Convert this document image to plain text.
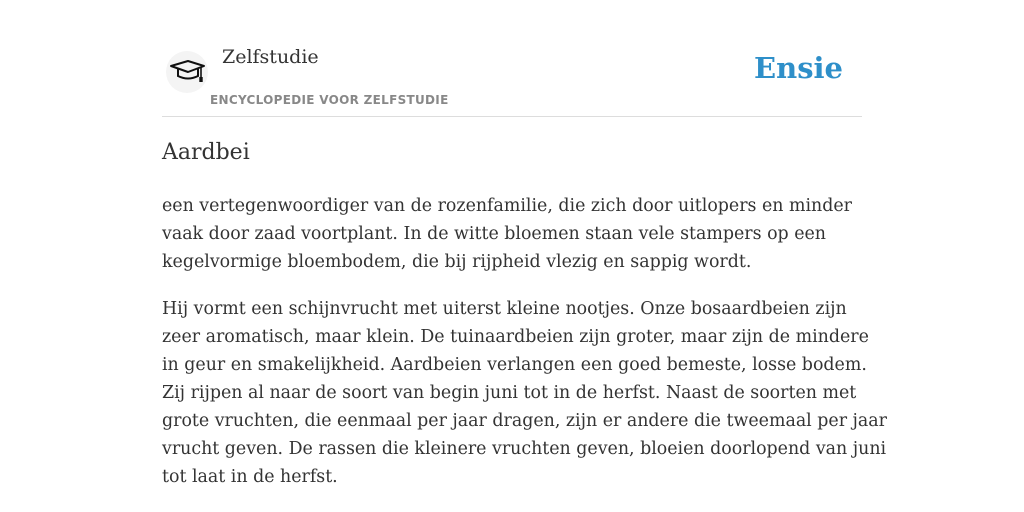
Zelfstudie
ENCYCLOPEDIE VOOR ZELFSTUDIE
Ensie
Aardbei

een vertegenwoordiger van de rozenfamilie, die zich door uitlopers en minder
vaak door zaad voortplant. In de witte bloemen staan vele stampers op een
kegelvormige bloembodem, die bij rijpheid vlezig en sappig wordt.

Hij vormt een schijnvrucht met uiterst kleine nootjes. Onze bosaardbeien zijn
zeer aromatisch, maar klein. De tuinaardbeien zijn groter, maar zijn de mindere
in geur en smakelijkheid. Aardbeien verlangen een goed bemeste, losse bodem.
Zij rijpen al naar de soort van begin juni tot in de herfst. Naast de soorten met
grote vruchten, die eenmaal per jaar dragen, zijn er andere die tweemaal per jaar
vrucht geven. De rassen die kleinere vruchten geven, bloeien doorlopend van juni
tot laat in de herfst.
